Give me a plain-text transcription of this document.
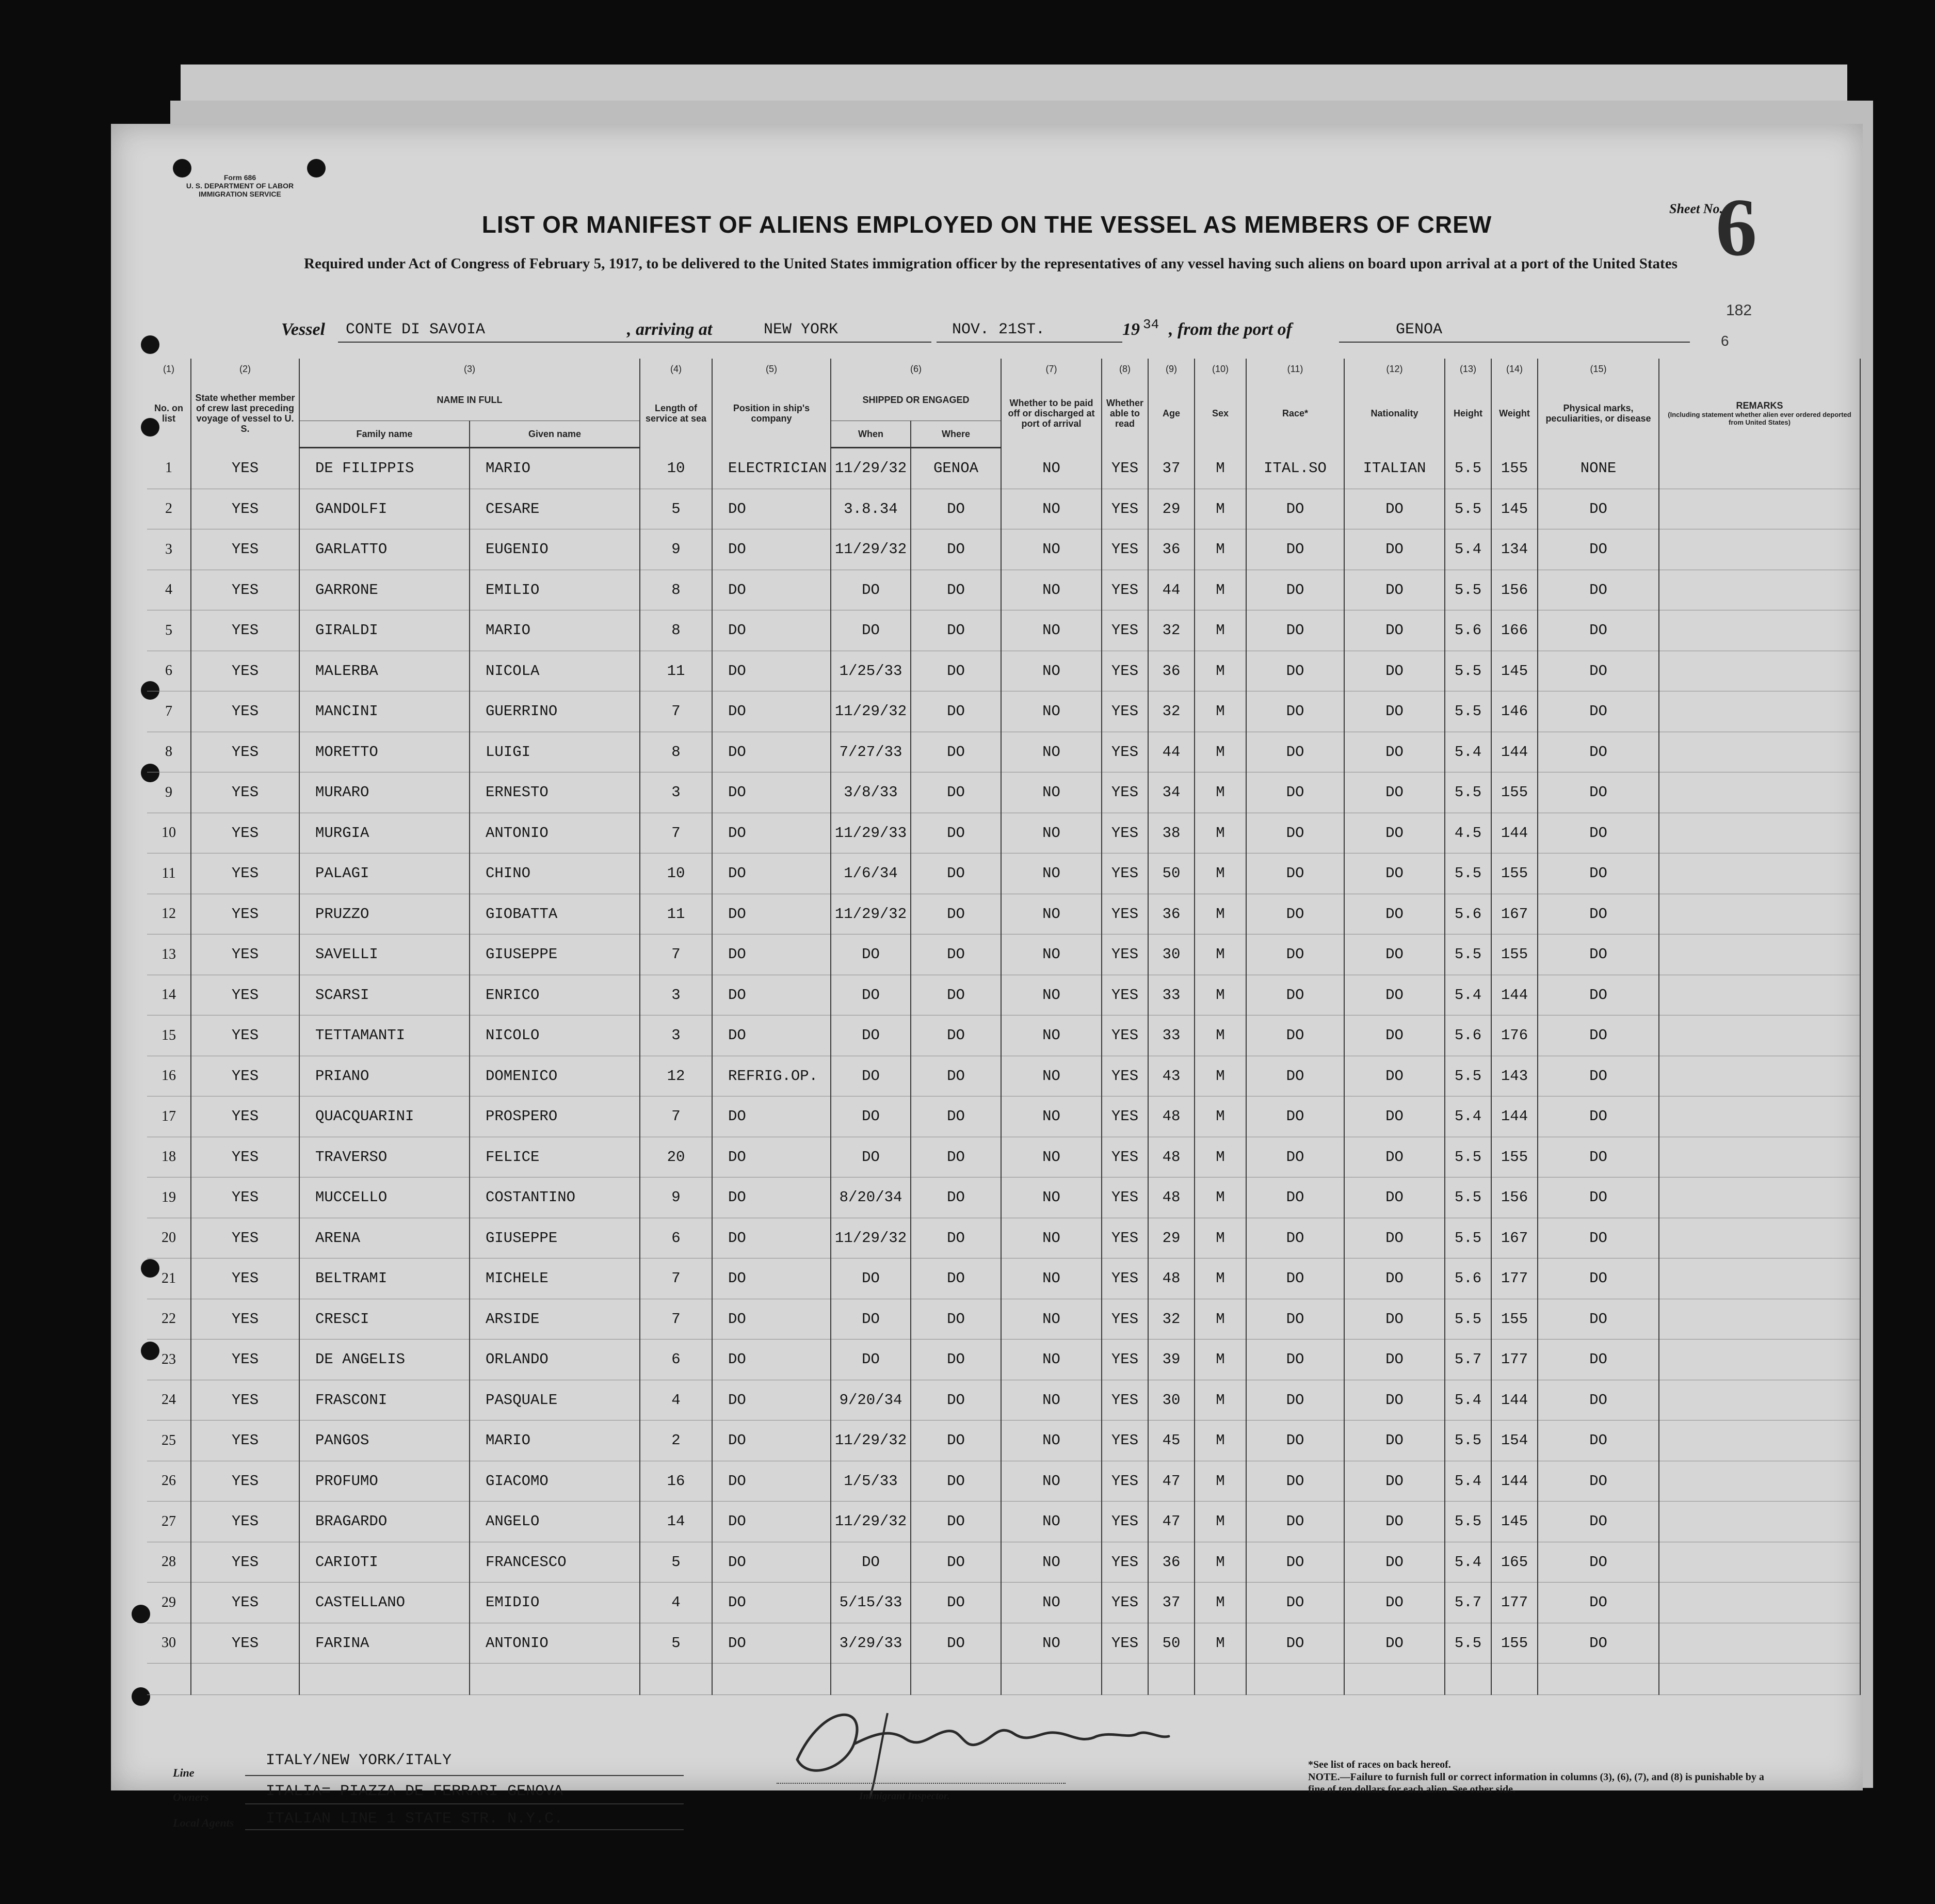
Form 686
U. S. DEPARTMENT OF LABOR
IMMIGRATION SERVICE
Sheet No.
6
LIST OR MANIFEST OF ALIENS EMPLOYED ON THE VESSEL AS MEMBERS OF CREW
Required under Act of Congress of February 5, 1917, to be delivered to the United States immigration officer by the representatives of any vessel having such aliens on board upon arrival at a port of the United States
182
6
Vessel CONTE DI SAVOIA	, arriving at	NEW YORK	NOV. 21ST.	19 34 , from the port of	GENOA
(1)	(2)	(3)		(4)	(5)	(6)		(7)	(8)	(9)	(10)	(11)	(12)	(13)	(14)	(15)	
No. on list	State whether member of crew last preceding voyage of vessel to U. S.	NAME IN FULL		Length of service at sea	Position in ship's company	SHIPPED OR ENGAGED		Whether to be paid off or discharged at port of arrival	Whether able to read	Age	Sex	Race*	Nationality	Height	Weight	Physical marks, peculiarities, or disease	REMARKS
(Including statement whether alien ever ordered deported from United States)

		Family name	Given name			When	Where										
1	YES	DE FILIPPIS	MARIO	10	ELECTRICIAN	11/29/32	GENOA	NO	YES	37	M	ITAL.SO	ITALIAN	5.5	155	NONE	
2	YES	GANDOLFI	CESARE	5	DO	3.8.34	DO	NO	YES	29	M	DO	DO	5.5	145	DO	
3	YES	GARLATTO	EUGENIO	9	DO	11/29/32	DO	NO	YES	36	M	DO	DO	5.4	134	DO	
4	YES	GARRONE	EMILIO	8	DO	DO	DO	NO	YES	44	M	DO	DO	5.5	156	DO	
5	YES	GIRALDI	MARIO	8	DO	DO	DO	NO	YES	32	M	DO	DO	5.6	166	DO	
6	YES	MALERBA	NICOLA	11	DO	1/25/33	DO	NO	YES	36	M	DO	DO	5.5	145	DO	
7	YES	MANCINI	GUERRINO	7	DO	11/29/32	DO	NO	YES	32	M	DO	DO	5.5	146	DO	
8	YES	MORETTO	LUIGI	8	DO	7/27/33	DO	NO	YES	44	M	DO	DO	5.4	144	DO	
9	YES	MURARO	ERNESTO	3	DO	3/8/33	DO	NO	YES	34	M	DO	DO	5.5	155	DO	
10	YES	MURGIA	ANTONIO	7	DO	11/29/33	DO	NO	YES	38	M	DO	DO	4.5	144	DO	
11	YES	PALAGI	CHINO	10	DO	1/6/34	DO	NO	YES	50	M	DO	DO	5.5	155	DO	
12	YES	PRUZZO	GIOBATTA	11	DO	11/29/32	DO	NO	YES	36	M	DO	DO	5.6	167	DO	
13	YES	SAVELLI	GIUSEPPE	7	DO	DO	DO	NO	YES	30	M	DO	DO	5.5	155	DO	
14	YES	SCARSI	ENRICO	3	DO	DO	DO	NO	YES	33	M	DO	DO	5.4	144	DO	
15	YES	TETTAMANTI	NICOLO	3	DO	DO	DO	NO	YES	33	M	DO	DO	5.6	176	DO	
16	YES	PRIANO	DOMENICO	12	REFRIG.OP.	DO	DO	NO	YES	43	M	DO	DO	5.5	143	DO	
17	YES	QUACQUARINI	PROSPERO	7	DO	DO	DO	NO	YES	48	M	DO	DO	5.4	144	DO	
18	YES	TRAVERSO	FELICE	20	DO	DO	DO	NO	YES	48	M	DO	DO	5.5	155	DO	
19	YES	MUCCELLO	COSTANTINO	9	DO	8/20/34	DO	NO	YES	48	M	DO	DO	5.5	156	DO	
20	YES	ARENA	GIUSEPPE	6	DO	11/29/32	DO	NO	YES	29	M	DO	DO	5.5	167	DO	
21	YES	BELTRAMI	MICHELE	7	DO	DO	DO	NO	YES	48	M	DO	DO	5.6	177	DO	
22	YES	CRESCI	ARSIDE	7	DO	DO	DO	NO	YES	32	M	DO	DO	5.5	155	DO	
23	YES	DE ANGELIS	ORLANDO	6	DO	DO	DO	NO	YES	39	M	DO	DO	5.7	177	DO	
24	YES	FRASCONI	PASQUALE	4	DO	9/20/34	DO	NO	YES	30	M	DO	DO	5.4	144	DO	
25	YES	PANGOS	MARIO	2	DO	11/29/32	DO	NO	YES	45	M	DO	DO	5.5	154	DO	
26	YES	PROFUMO	GIACOMO	16	DO	1/5/33	DO	NO	YES	47	M	DO	DO	5.4	144	DO	
27	YES	BRAGARDO	ANGELO	14	DO	11/29/32	DO	NO	YES	47	M	DO	DO	5.5	145	DO	
28	YES	CARIOTI	FRANCESCO	5	DO	DO	DO	NO	YES	36	M	DO	DO	5.4	165	DO	
29	YES	CASTELLANO	EMIDIO	4	DO	5/15/33	DO	NO	YES	37	M	DO	DO	5.7	177	DO	
30	YES	FARINA	ANTONIO	5	DO	3/29/33	DO	NO	YES	50	M	DO	DO	5.5	155	DO	

Line
ITALY/NEW YORK/ITALY
Owners	ITALIA= PIAZZA DE FERRARI GENOVA
Local Agents ITALIAN LINE 1 STATE STR. N.Y.C.
Immigrant Inspector.
*See list of races on back hereof.
NOTE.—Failure to furnish full or correct information in columns (3), (6), (7), and (8) is punishable by a fine of ten dollars for each alien. See other side.
